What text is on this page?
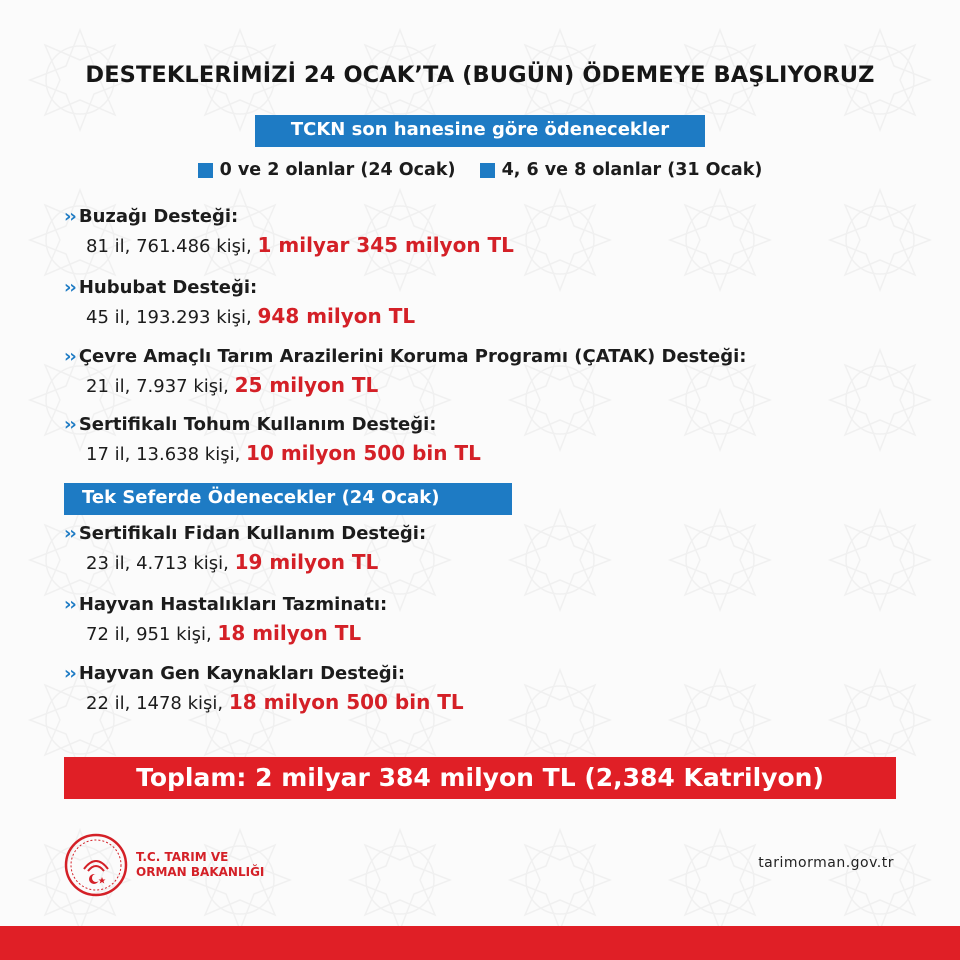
DESTEKLERİMİZİ 24 OCAK’TA (BUGÜN) ÖDEMEYE BAŞLIYORUZ
TCKN son hanesine göre ödenecekler
0 ve 2 olanlar (24 Ocak)
	4, 6 ve 8 olanlar (31 Ocak)
›› Buzağı Desteği:
81 il, 761.486 kişi, 1 milyar 345 milyon TL
›› Hububat Desteği:
45 il, 193.293 kişi, 948 milyon TL
›› Çevre Amaçlı Tarım Arazilerini Koruma Programı (ÇATAK) Desteği:
21 il, 7.937 kişi, 25 milyon TL
›› Sertifikalı Tohum Kullanım Desteği:
17 il, 13.638 kişi, 10 milyon 500 bin TL
Tek Seferde Ödenecekler (24 Ocak)
›› Sertifikalı Fidan Kullanım Desteği:
23 il, 4.713 kişi, 19 milyon TL
›› Hayvan Hastalıkları Tazminatı:
72 il, 951 kişi, 18 milyon TL
›› Hayvan Gen Kaynakları Desteği:
22 il, 1478 kişi, 18 milyon 500 bin TL
Toplam: 2 milyar 384 milyon TL (2,384 Katrilyon)
T.C. TARIM VE
ORMAN BAKANLIĞI
tarimorman.gov.tr
